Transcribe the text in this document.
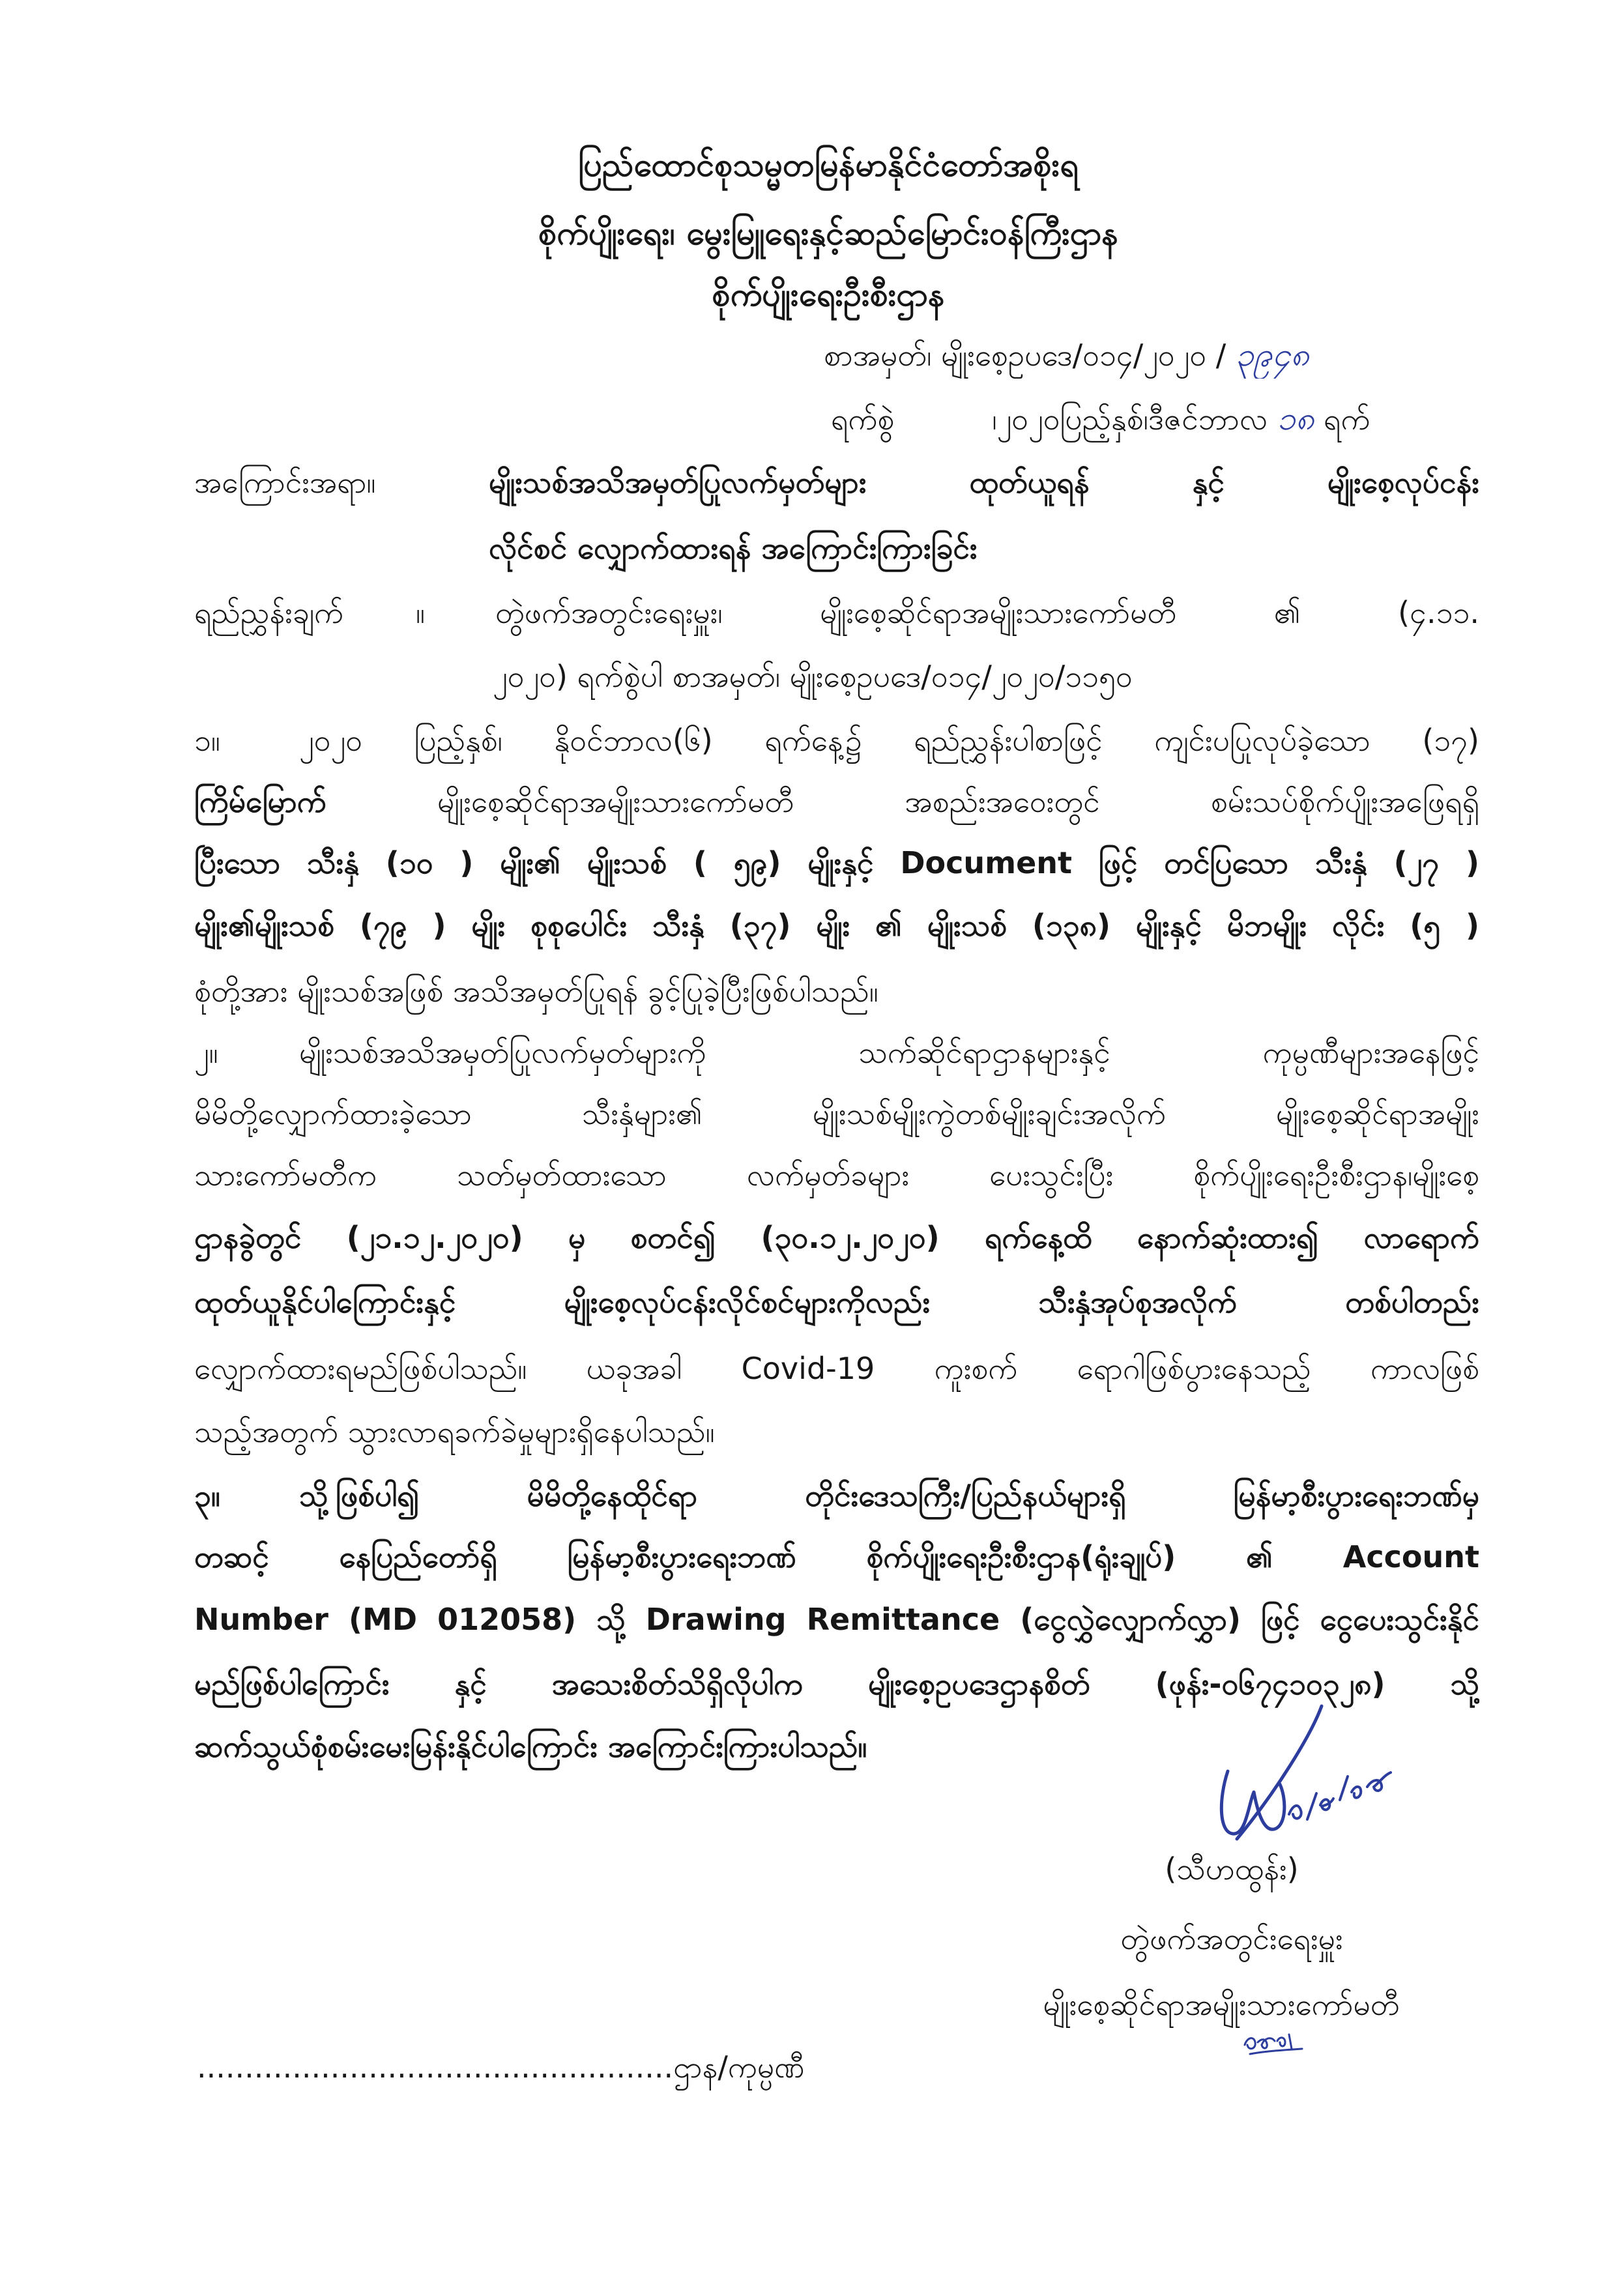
ပြည်ထောင်စုသမ္မတမြန်မာနိုင်ငံတော်အစိုးရ
စိုက်ပျိုးရေး၊ မွေးမြူရေးနှင့်ဆည်မြောင်းဝန်ကြီးဌာန
စိုက်ပျိုးရေးဦးစီးဌာန
စာအမှတ်၊ မျိုးစေ့ဥပဒေ/၀၁၄/၂၀၂၀ / ၃၉၄၈
ရက်စွဲ	၊၂၀၂၀ပြည့်နှစ်၊ဒီဇင်ဘာလ ၁၈ ရက်
အကြောင်းအရာ။	မျိုးသစ်အသိအမှတ်ပြုလက်မှတ်များ ထုတ်ယူရန် နှင့် မျိုးစေ့လုပ်ငန်း
လိုင်စင် လျှောက်ထားရန် အကြောင်းကြားခြင်း
ရည်ညွှန်းချက်	။	တွဲဖက်အတွင်းရေးမှူး၊ မျိုးစေ့ဆိုင်ရာအမျိုးသားကော်မတီ ၏ (၄.၁၁.
၂၀၂၀) ရက်စွဲပါ စာအမှတ်၊ မျိုးစေ့ဥပဒေ/၀၁၄/၂၀၂၀/၁၁၅၀
၁။	၂၀၂၀ ပြည့်နှစ်၊ နိုဝင်ဘာလ(၆) ရက်နေ့၌ ရည်ညွှန်းပါစာဖြင့် ကျင်းပပြုလုပ်ခဲ့သော (၁၇)
ကြိမ်မြောက် မျိုးစေ့ဆိုင်ရာအမျိုးသားကော်မတီ အစည်းအဝေးတွင် စမ်းသပ်စိုက်ပျိုးအဖြေရရှိ
ပြီးသော သီးနှံ (၁၀ ) မျိုး၏ မျိုးသစ် ( ၅၉) မျိုးနှင့် Document ဖြင့် တင်ပြသော သီးနှံ (၂၇ )
မျိုး၏မျိုးသစ် (၇၉ ) မျိုး စုစုပေါင်း သီးနှံ (၃၇) မျိုး ၏ မျိုးသစ် (၁၃၈) မျိုးနှင့် မိဘမျိုး လိုင်း (၅ )
စုံတို့အား မျိုးသစ်အဖြစ် အသိအမှတ်ပြုရန် ခွင့်ပြုခဲ့ပြီးဖြစ်ပါသည်။
၂။	မျိုးသစ်အသိအမှတ်ပြုလက်မှတ်များကို သက်ဆိုင်ရာဌာနများနှင့် ကုမ္ပဏီများအနေဖြင့်
မိမိတို့လျှောက်ထားခဲ့သော သီးနှံများ၏ မျိုးသစ်မျိုးကွဲတစ်မျိုးချင်းအလိုက် မျိုးစေ့ဆိုင်ရာအမျိုး
သားကော်မတီက သတ်မှတ်ထားသော လက်မှတ်ခများ ပေးသွင်းပြီး စိုက်ပျိုးရေးဦးစီးဌာန၊မျိုးစေ့
ဌာနခွဲတွင် (၂၁.၁၂.၂၀၂၀) မှ စတင်၍ (၃၀.၁၂.၂၀၂၀) ရက်နေ့ထိ နောက်ဆုံးထား၍ လာရောက်
ထုတ်ယူနိုင်ပါကြောင်းနှင့် မျိုးစေ့လုပ်ငန်းလိုင်စင်များကိုလည်း သီးနှံအုပ်စုအလိုက် တစ်ပါတည်း
လျှောက်ထားရမည်ဖြစ်ပါသည်။ ယခုအခါ Covid-19 ကူးစက် ရောဂါဖြစ်ပွားနေသည့် ကာလဖြစ်
သည့်အတွက် သွားလာရခက်ခဲမှုများရှိနေပါသည်။
၃။	သို့ဖြစ်ပါ၍ မိမိတို့နေထိုင်ရာ တိုင်းဒေသကြီး/ပြည်နယ်များရှိ မြန်မာ့စီးပွားရေးဘဏ်မှ
တဆင့် နေပြည်တော်ရှိ မြန်မာ့စီးပွားရေးဘဏ် စိုက်ပျိုးရေးဦးစီးဌာန(ရုံးချုပ်) ၏ Account
Number (MD 012058) သို့ Drawing Remittance (ငွေလွှဲလျှောက်လွှာ) ဖြင့် ငွေပေးသွင်းနိုင်
မည်ဖြစ်ပါကြောင်း နှင့် အသေးစိတ်သိရှိလိုပါက မျိုးစေ့ဥပဒေဌာနစိတ် (ဖုန်း-၀၆၇၄၁၀၃၂၈) သို့
ဆက်သွယ်စုံစမ်းမေးမြန်းနိုင်ပါကြောင်း အကြောင်းကြားပါသည်။
(သီဟထွန်း)
တွဲဖက်အတွင်းရေးမှူး
မျိုးစေ့ဆိုင်ရာအမျိုးသားကော်မတီ
..................................................ဌာန/ကုမ္ပဏီ
